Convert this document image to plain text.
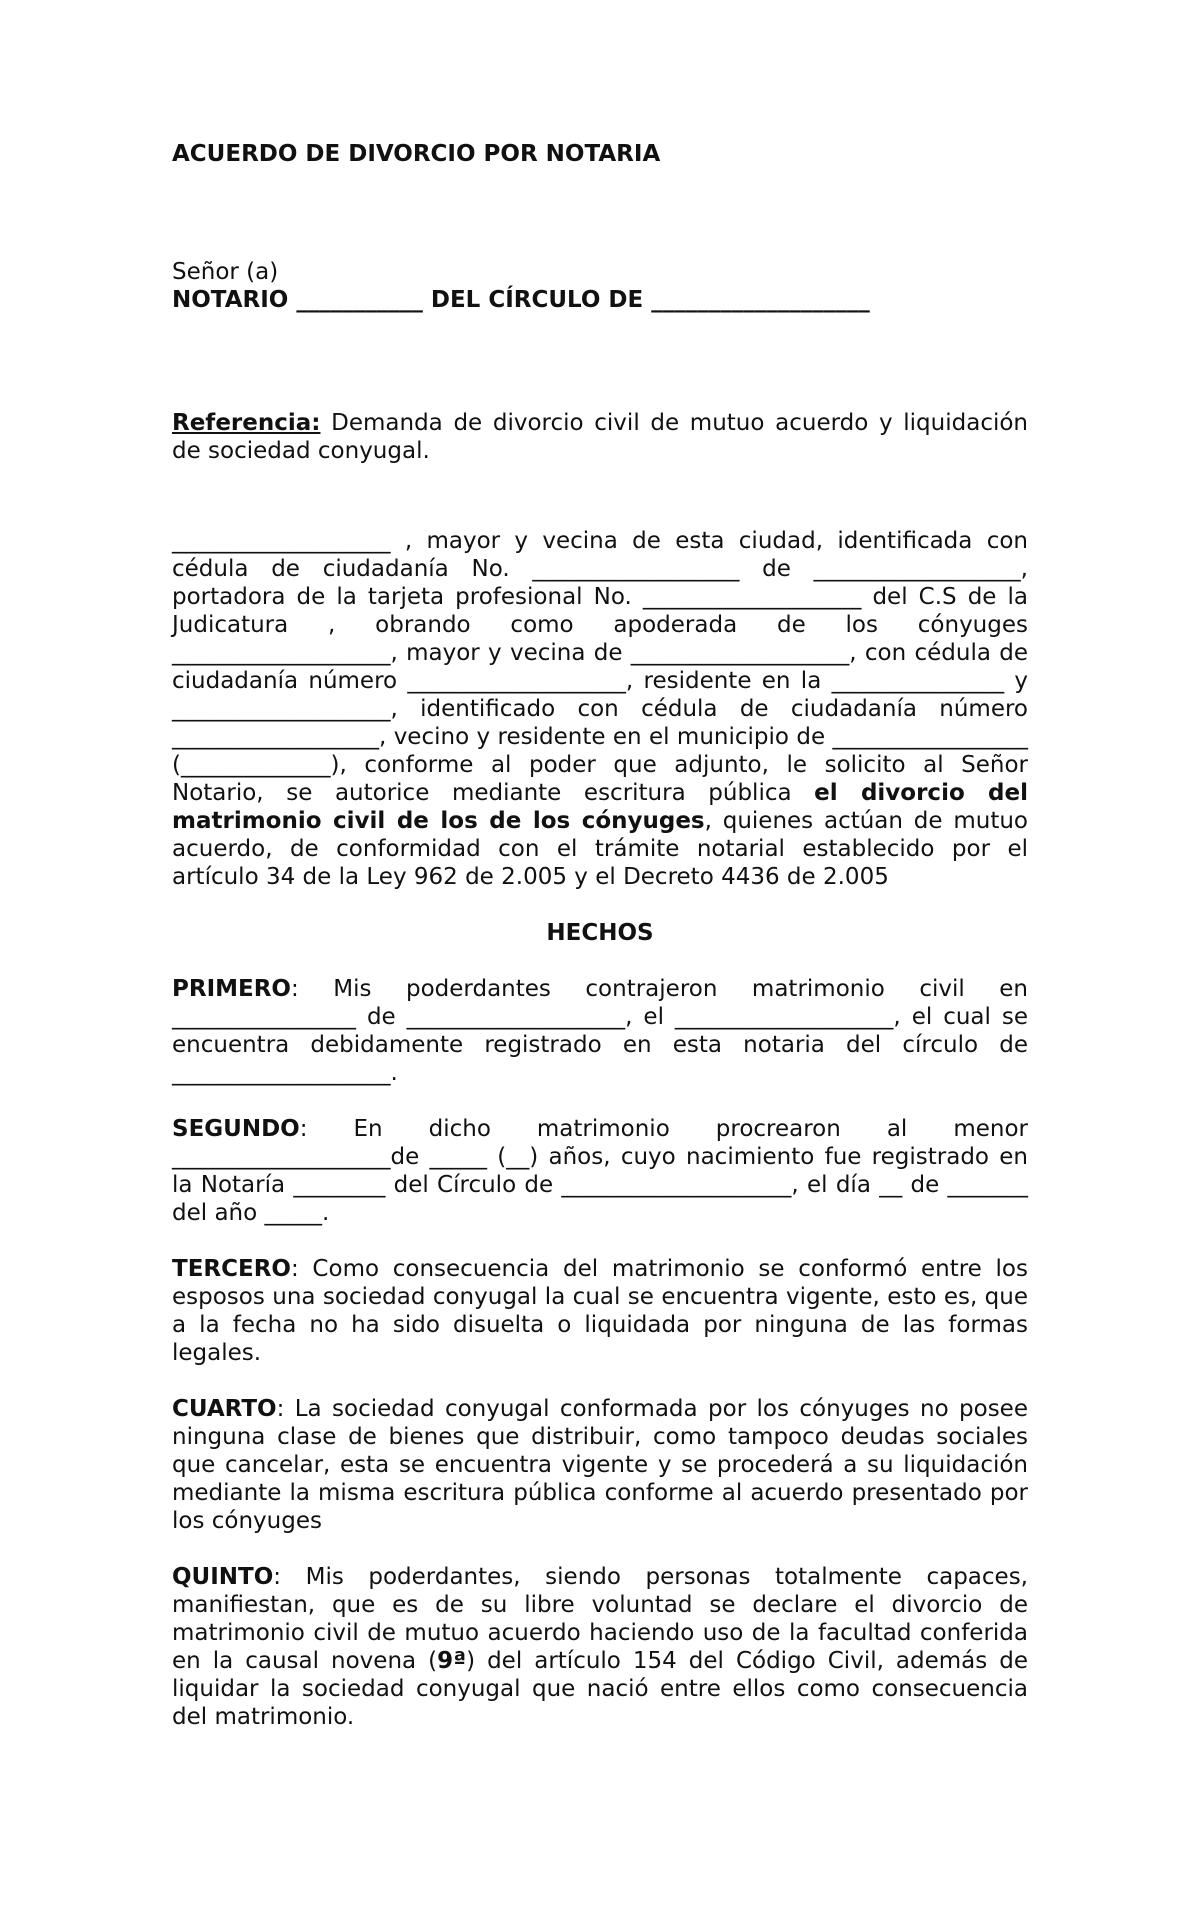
ACUERDO DE DIVORCIO POR NOTARIA
Señor (a)
NOTARIO ___________ DEL CÍRCULO DE ___________________
Referencia: Demanda de divorcio civil de mutuo acuerdo y liquidación de sociedad conyugal.

___________________ , mayor y vecina de esta ciudad, identificada con cédula de ciudadanía No. __________________ de __________________, portadora de la tarjeta profesional No. ___________________ del C.S de la Judicatura , obrando como apoderada de los cónyuges ___________________, mayor y vecina de ___________________, con cédula de ciudadanía número ___________________, residente en la _______________ y ___________________, identificado con cédula de ciudadanía número __________________, vecino y residente en el municipio de _________________ (_____________), conforme al poder que adjunto, le solicito al Señor Notario, se autorice mediante escritura pública el divorcio del matrimonio civil de los de los cónyuges, quienes actúan de mutuo acuerdo, de conformidad con el trámite notarial establecido por el artículo 34 de la Ley 962 de 2.005 y el Decreto 4436 de 2.005

HECHOS

PRIMERO: Mis poderdantes contrajeron matrimonio civil en ________________ de ___________________, el ___________________, el cual se encuentra debidamente registrado en esta notaria del círculo de ___________________.

SEGUNDO: En dicho matrimonio procrearon al menor ___________________de _____ (__) años, cuyo nacimiento fue registrado en la Notaría ________ del Círculo de ____________________, el día __ de _______ del año _____.

TERCERO: Como consecuencia del matrimonio se conformó entre los esposos una sociedad conyugal la cual se encuentra vigente, esto es, que a la fecha no ha sido disuelta o liquidada por ninguna de las formas legales.

CUARTO: La sociedad conyugal conformada por los cónyuges no posee ninguna clase de bienes que distribuir, como tampoco deudas sociales que cancelar, esta se encuentra vigente y se procederá a su liquidación mediante la misma escritura pública conforme al acuerdo presentado por los cónyuges

QUINTO: Mis poderdantes, siendo personas totalmente capaces, manifiestan, que es de su libre voluntad se declare el divorcio de matrimonio civil de mutuo acuerdo haciendo uso de la facultad conferida en la causal novena (9ª) del artículo 154 del Código Civil, además de liquidar la sociedad conyugal que nació entre ellos como consecuencia del matrimonio.
